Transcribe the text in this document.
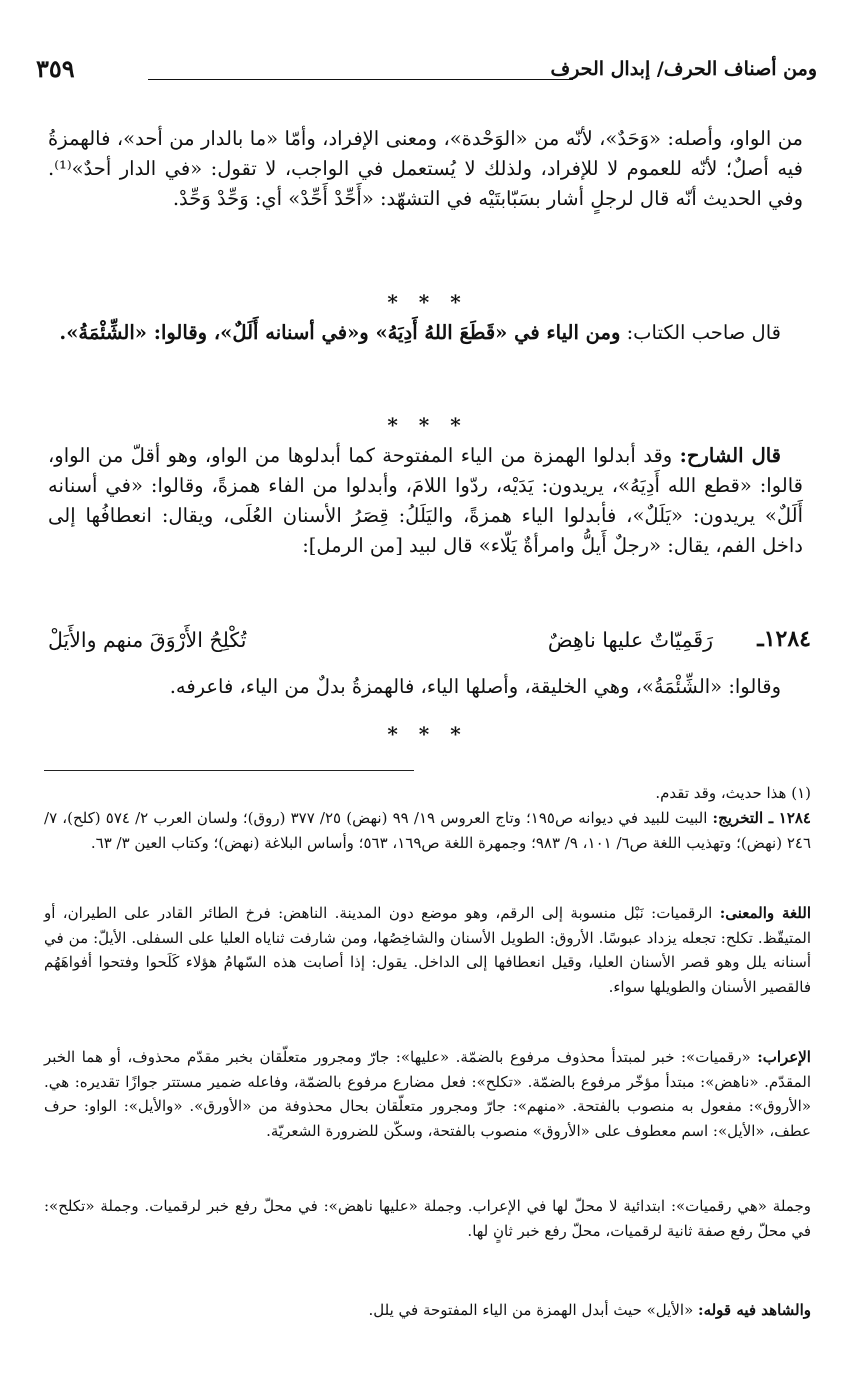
ومن أصناف الحرف/ إبدال الحرف
٣٥٩
من الواو، وأصله: «وَحَدٌ»، لأنّه من «الوَحْدة»، ومعنى الإفراد، وأمّا «ما بالدار من أحد»، فالهمزةُ فيه أصلٌ؛ لأنّه للعموم لا للإفراد، ولذلك لا يُستعمل في الواجب، لا تقول: «في الدار أحدٌ»⁽¹⁾. وفي الحديث أنّه قال لرجلٍ أشار بسَبّابتَيْه في التشهّد: «أَحِّدْ أَحِّدْ» أي: وَحِّدْ وَحِّدْ.
* * *
قال صاحب الكتاب: ومن الياء في «قَطَعَ اللهُ أَدِيَهُ» و«في أسنانه أَلَلٌ»، وقالوا: «الشِّئْمَةُ».
* * *
قال الشارح: وقد أبدلوا الهمزة من الياء المفتوحة كما أبدلوها من الواو، وهو أقلّ من الواو، قالوا: «قطع الله أَدِيَهُ»، يريدون: يَدَيْه، ردّوا اللامَ، وأبدلوا من الفاء همزةً، وقالوا: «في أسنانه أَلَلٌ» يريدون: «يَلَلٌ»، فأبدلوا الياء همزةً، واليَلَلُ: قِصَرُ الأسنان العُلَى، ويقال: انعطافُها إلى داخل الفم، يقال: «رجلٌ أَيلُّ وامرأةٌ يَلّاء» قال لبيد [من الرمل]:
١٢٨٤ـ
رَقَمِيّاتٌ عليها ناهِضٌ
تُكْلِحُ الأَرْوَقَ منهم والأَيَلْ
وقالوا: «الشِّئْمَةُ»، وهي الخليقة، وأصلها الياء، فالهمزةُ بدلٌ من الياء، فاعرفه.
* * *
(١) هذا حديث، وقد تقدم.
١٢٨٤ ـ التخريج: البيت للبيد في ديوانه ص١٩٥؛ وتاج العروس ١٩/ ٩٩ (نهض) ٢٥/ ٣٧٧ (روق)؛ ولسان العرب ٢/ ٥٧٤ (كلح)، ٧/ ٢٤٦ (نهض)؛ وتهذيب اللغة ص٦/ ١٠١، ٩/ ٩٨٣؛ وجمهرة اللغة ص١٦٩، ٥٦٣؛ وأساس البلاغة (نهض)؛ وكتاب العين ٣/ ٦٣.
اللغة والمعنى: الرقميات: نَبْل منسوبة إلى الرقم، وهو موضع دون المدينة. الناهض: فرخ الطائر القادر على الطيران، أو المتيقّظ. تكلح: تجعله يزداد عبوسًا. الأروق: الطويل الأسنان والشاخِصُها، ومن شارفت ثناياه العليا على السفلى. الأيلّ: من في أسنانه يلل وهو قصر الأسنان العليا، وقيل انعطافها إلى الداخل. يقول: إذا أصابت هذه السّهامُ هؤلاء كَلَحوا وفتحوا أفواهَهُم فالقصير الأسنان والطويلها سواء.
الإعراب: «رقميات»: خبر لمبتدأ محذوف مرفوع بالضمّة. «عليها»: جارّ ومجرور متعلّقان بخبر مقدّم محذوف، أو هما الخبر المقدّم. «ناهض»: مبتدأ مؤخّر مرفوع بالضمّة. «تكلح»: فعل مضارع مرفوع بالضمّة، وفاعله ضمير مستتر جوازًا تقديره: هي. «الأروق»: مفعول به منصوب بالفتحة. «منهم»: جارّ ومجرور متعلّقان بحال محذوفة من «الأورق». «والأيل»: الواو: حرف عطف، «الأيل»: اسم معطوف على «الأروق» منصوب بالفتحة، وسكّن للضرورة الشعريّة.
وجملة «هي رقميات»: ابتدائية لا محلّ لها في الإعراب. وجملة «عليها ناهض»: في محلّ رفع خبر لرقميات. وجملة «تكلح»: في محلّ رفع صفة ثانية لرقميات، محلّ رفع خبر ثانٍ لها.
والشاهد فيه قوله: «الأيل» حيث أبدل الهمزة من الياء المفتوحة في يلل.
